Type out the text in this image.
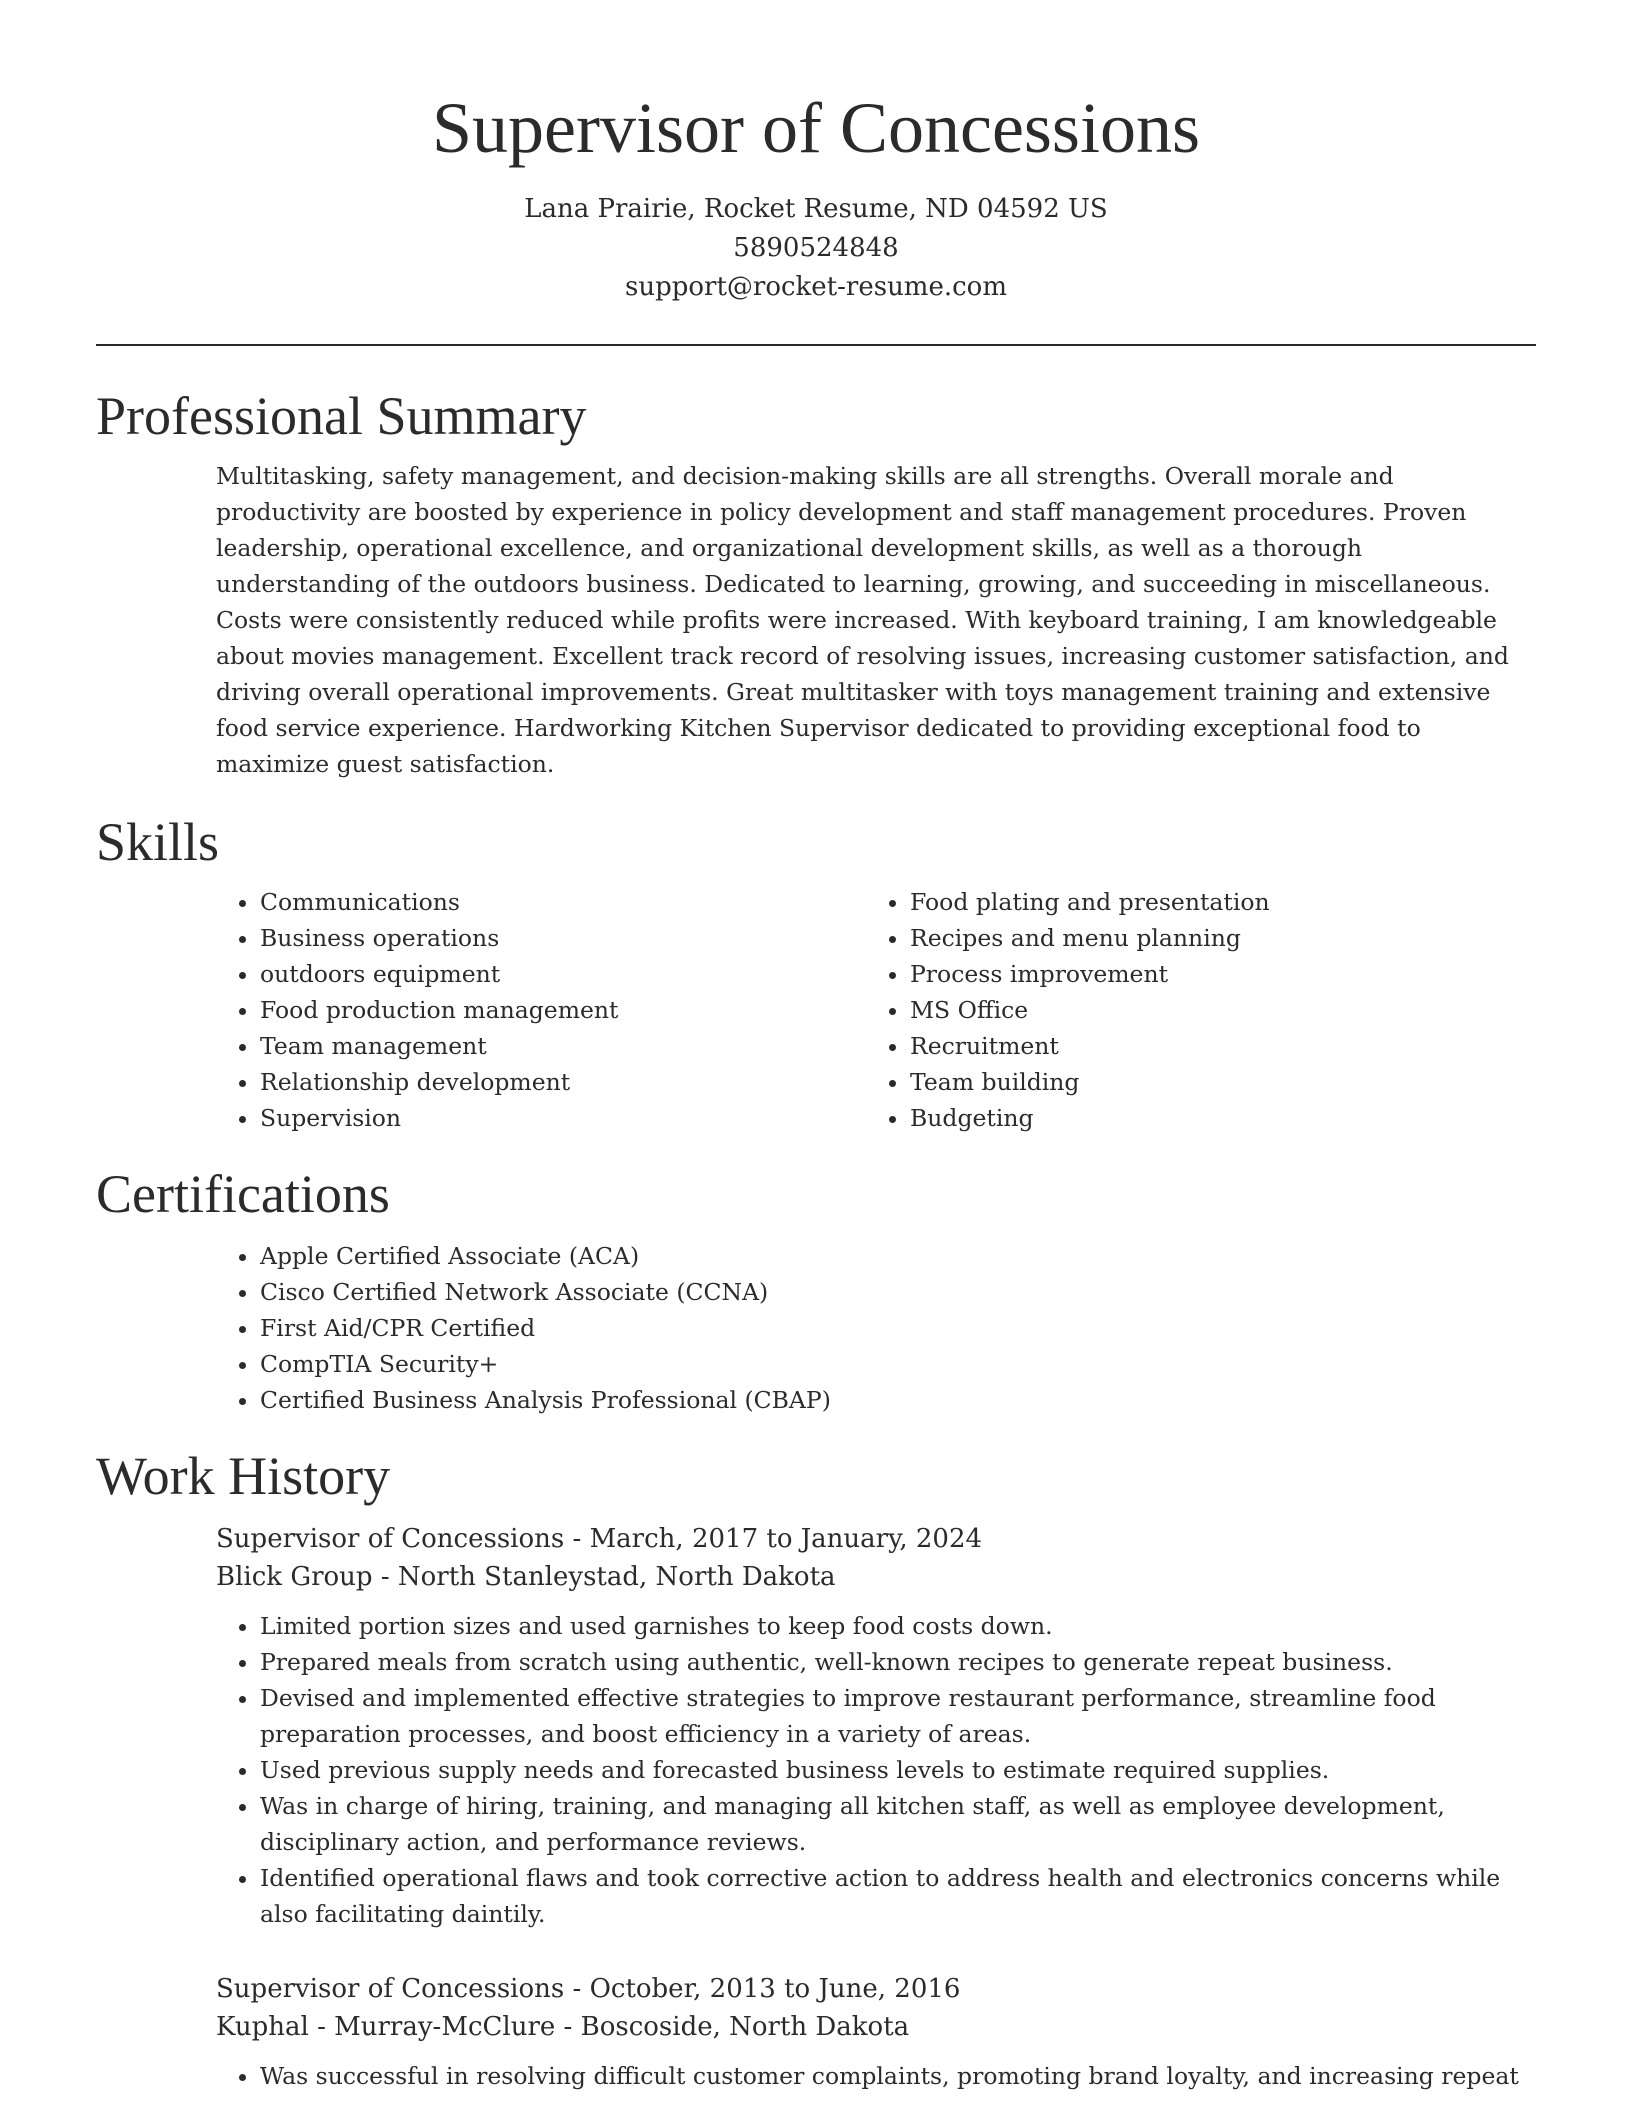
Supervisor of Concessions
Lana Prairie, Rocket Resume, ND 04592 US
5890524848
support@rocket-resume.com
Professional Summary

Multitasking, safety management, and decision-making skills are all strengths. Overall morale and productivity are boosted by experience in policy development and staff management procedures. Proven leadership, operational excellence, and organizational development skills, as well as a thorough understanding of the outdoors business. Dedicated to learning, growing, and succeeding in miscellaneous. Costs were consistently reduced while profits were increased. With keyboard training, I am knowledgeable about movies management. Excellent track record of resolving issues, increasing customer satisfaction, and driving overall operational improvements. Great multitasker with toys management training and extensive food service experience. Hardworking Kitchen Supervisor dedicated to providing exceptional food to maximize guest satisfaction.

Skills
• Communications
• Business operations
• outdoors equipment
• Food production management
• Team management
• Relationship development
• Supervision
• Food plating and presentation
• Recipes and menu planning
• Process improvement
• MS Office
• Recruitment
• Team building
• Budgeting
Certifications
• Apple Certified Associate (ACA)
• Cisco Certified Network Associate (CCNA)
• First Aid/CPR Certified
• CompTIA Security+
• Certified Business Analysis Professional (CBAP)
Work History
Supervisor of Concessions - March, 2017 to January, 2024
Blick Group - North Stanleystad, North Dakota
• Limited portion sizes and used garnishes to keep food costs down.
• Prepared meals from scratch using authentic, well-known recipes to generate repeat business.
• Devised and implemented effective strategies to improve restaurant performance, streamline food preparation processes, and boost efficiency in a variety of areas.
• Used previous supply needs and forecasted business levels to estimate required supplies.
• Was in charge of hiring, training, and managing all kitchen staff, as well as employee development, disciplinary action, and performance reviews.
• Identified operational flaws and took corrective action to address health and electronics concerns while also facilitating daintily.
Supervisor of Concessions - October, 2013 to June, 2016
Kuphal - Murray-McClure - Boscoside, North Dakota
• Was successful in resolving difficult customer complaints, promoting brand loyalty, and increasing repeat
